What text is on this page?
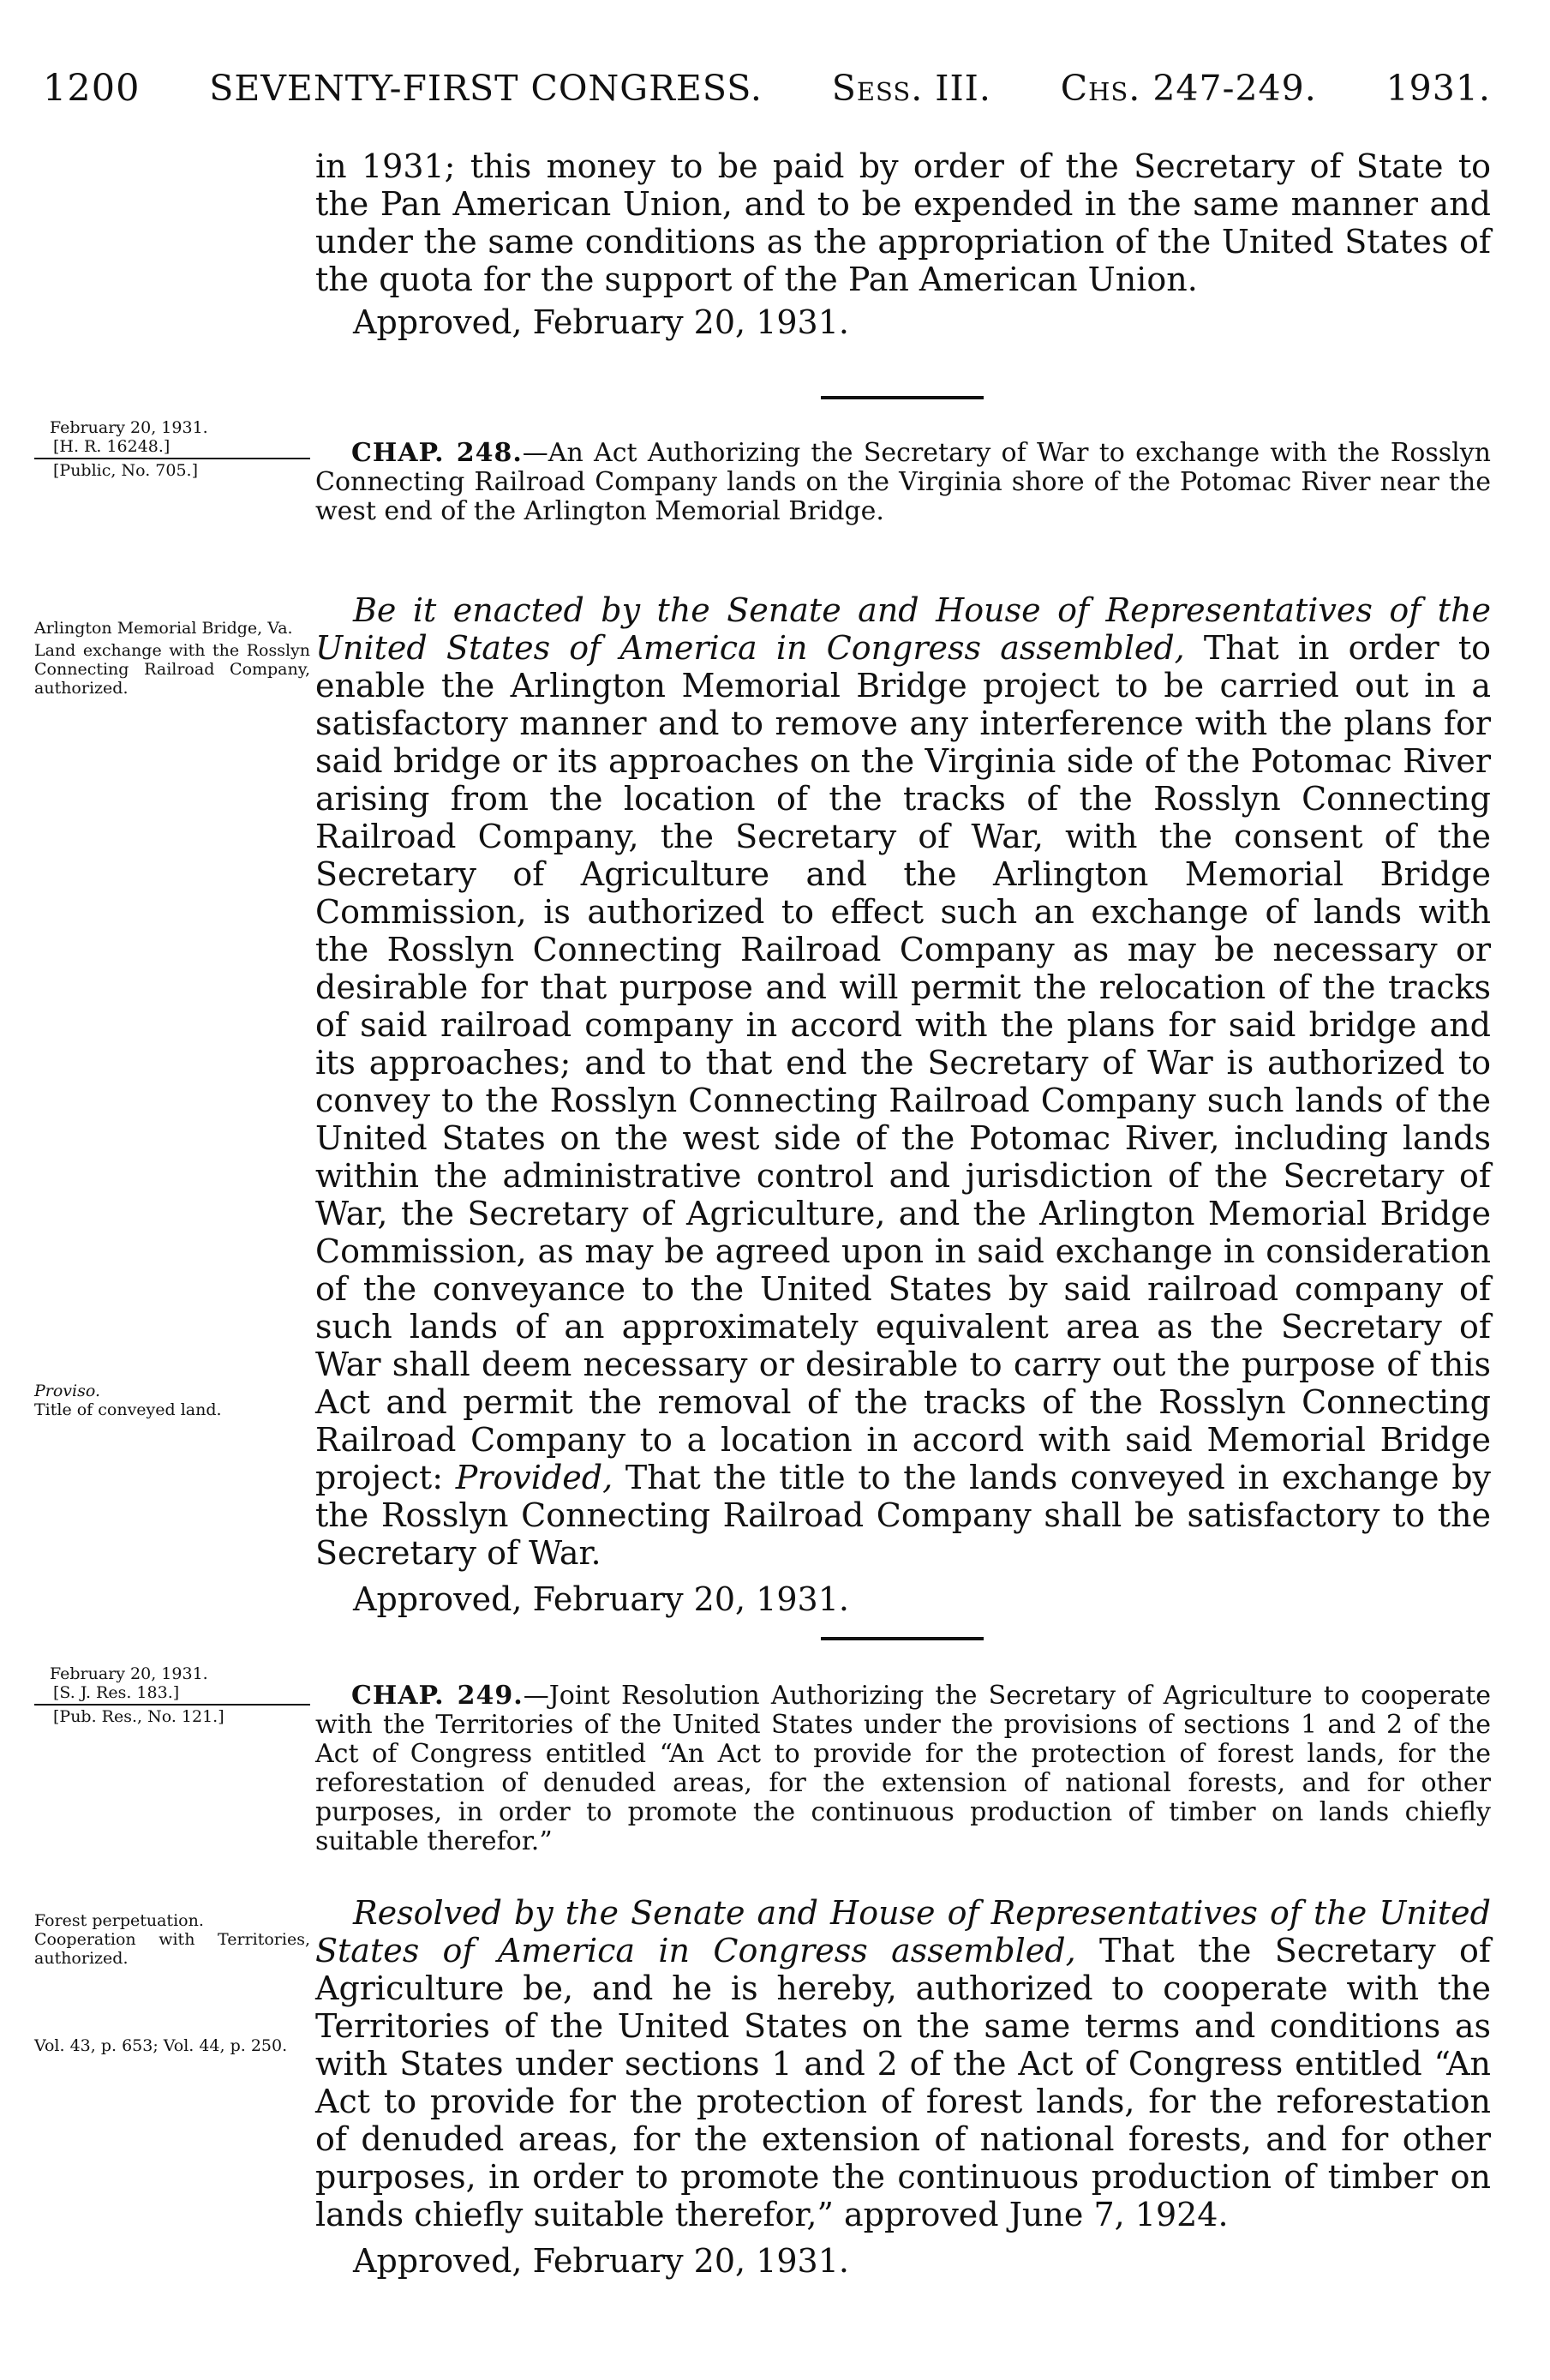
1200 SEVENTY-FIRST CONGRESS. Sess. III. Chs. 247-249. 1931.

in 1931; this money to be paid by order of the Secretary of State to the Pan American Union, and to be expended in the same manner and under the same conditions as the appropriation of the United States of the quota for the support of the Pan American Union.

Approved, February 20, 1931.

February 20, 1931.
[H. R. 16248.]
[Public, No. 705.]

CHAP. 248.—An Act Authorizing the Secretary of War to exchange with the Rosslyn Connecting Railroad Company lands on the Virginia shore of the Potomac River near the west end of the Arlington Memorial Bridge.

Arlington Memorial Bridge, Va.
Land exchange with the Rosslyn Connecting Railroad Company, authorized.

Be it enacted by the Senate and House of Representatives of the United States of America in Congress assembled, That in order to enable the Arlington Memorial Bridge project to be carried out in a satisfactory manner and to remove any interference with the plans for said bridge or its approaches on the Virginia side of the Potomac River arising from the location of the tracks of the Rosslyn Connecting Railroad Company, the Secretary of War, with the consent of the Secretary of Agriculture and the Arlington Memorial Bridge Commission, is authorized to effect such an exchange of lands with the Rosslyn Connecting Railroad Company as may be necessary or desirable for that purpose and will permit the relocation of the tracks of said railroad company in accord with the plans for said bridge and its approaches; and to that end the Secretary of War is authorized to convey to the Rosslyn Connecting Railroad Company such lands of the United States on the west side of the Potomac River, including lands within the administrative control and jurisdiction of the Secretary of War, the Secretary of Agriculture, and the Arlington Memorial Bridge Commission, as may be agreed upon in said exchange in consideration of the conveyance to the United States by said railroad company of such lands of an approximately equivalent area as the Secretary of War shall deem necessary or desirable to carry out the purpose of this Act and permit the removal of the tracks of the Rosslyn Connecting Railroad Company to a location in accord with said Memorial Bridge project: Provided, That the title to the lands conveyed in exchange by the Rosslyn Connecting Railroad Company shall be satisfactory to the Secretary of War.

Approved, February 20, 1931.

Proviso.
Title of conveyed land.
February 20, 1931.
[S. J. Res. 183.]
[Pub. Res., No. 121.]

CHAP. 249.—Joint Resolution Authorizing the Secretary of Agriculture to cooperate with the Territories of the United States under the provisions of sections 1 and 2 of the Act of Congress entitled “An Act to provide for the protection of forest lands, for the reforestation of denuded areas, for the extension of national forests, and for other purposes, in order to promote the continuous production of timber on lands chiefly suitable therefor.”

Forest perpetuation.
Cooperation with Territories, authorized.
Vol. 43, p. 653; Vol. 44, p. 250.

Resolved by the Senate and House of Representatives of the United States of America in Congress assembled, That the Secretary of Agriculture be, and he is hereby, authorized to cooperate with the Territories of the United States on the same terms and conditions as with States under sections 1 and 2 of the Act of Congress entitled “An Act to provide for the protection of forest lands, for the reforestation of denuded areas, for the extension of national forests, and for other purposes, in order to promote the continuous production of timber on lands chiefly suitable therefor,” approved June 7, 1924.

Approved, February 20, 1931.
